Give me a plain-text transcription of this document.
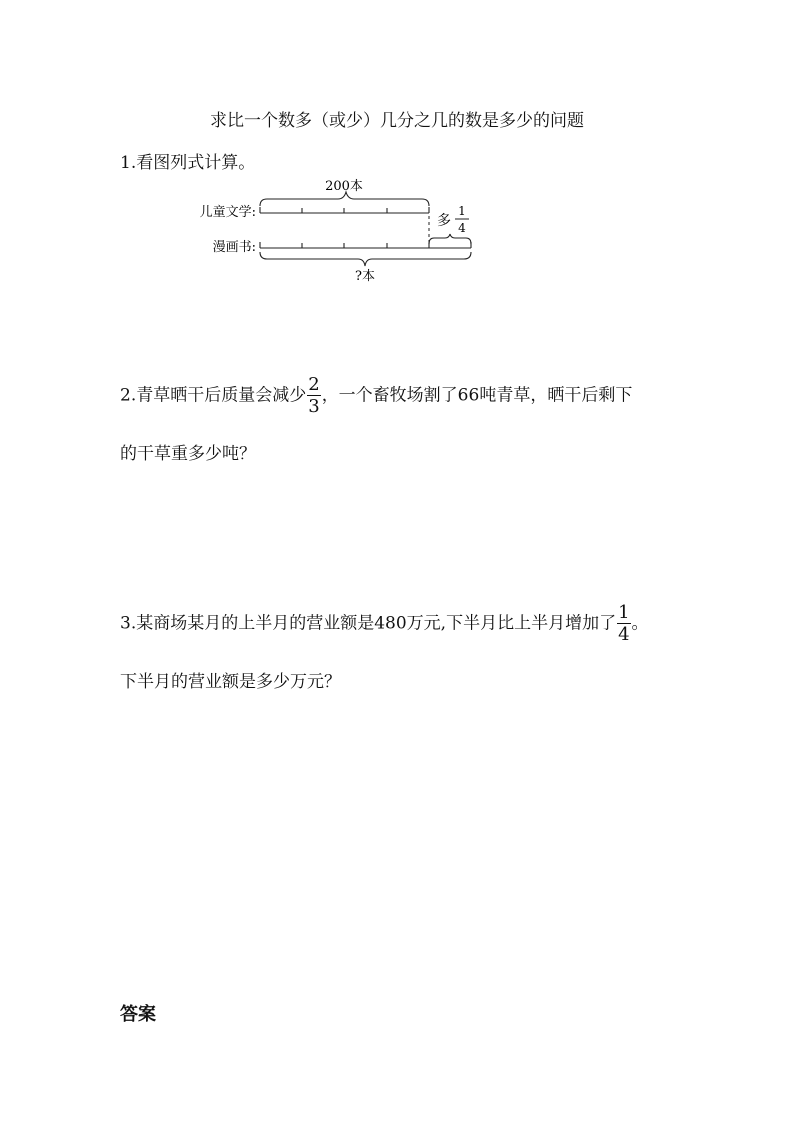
求比一个数多（或少）几分之几的数是多少的问题
1.看图列式计算。
200本
儿童文学:
多
1
4
漫画书:
?本
2.青草晒干后质量会减少 $\frac{2}{3}$ ，一个畜牧场割了66吨青草，晒干后剩下
的干草重多少吨？
3.某商场某月的上半月的营业额是480万元,下半月比上半月增加了 $\frac{1}{4}$ 。
下半月的营业额是多少万元？
答案
